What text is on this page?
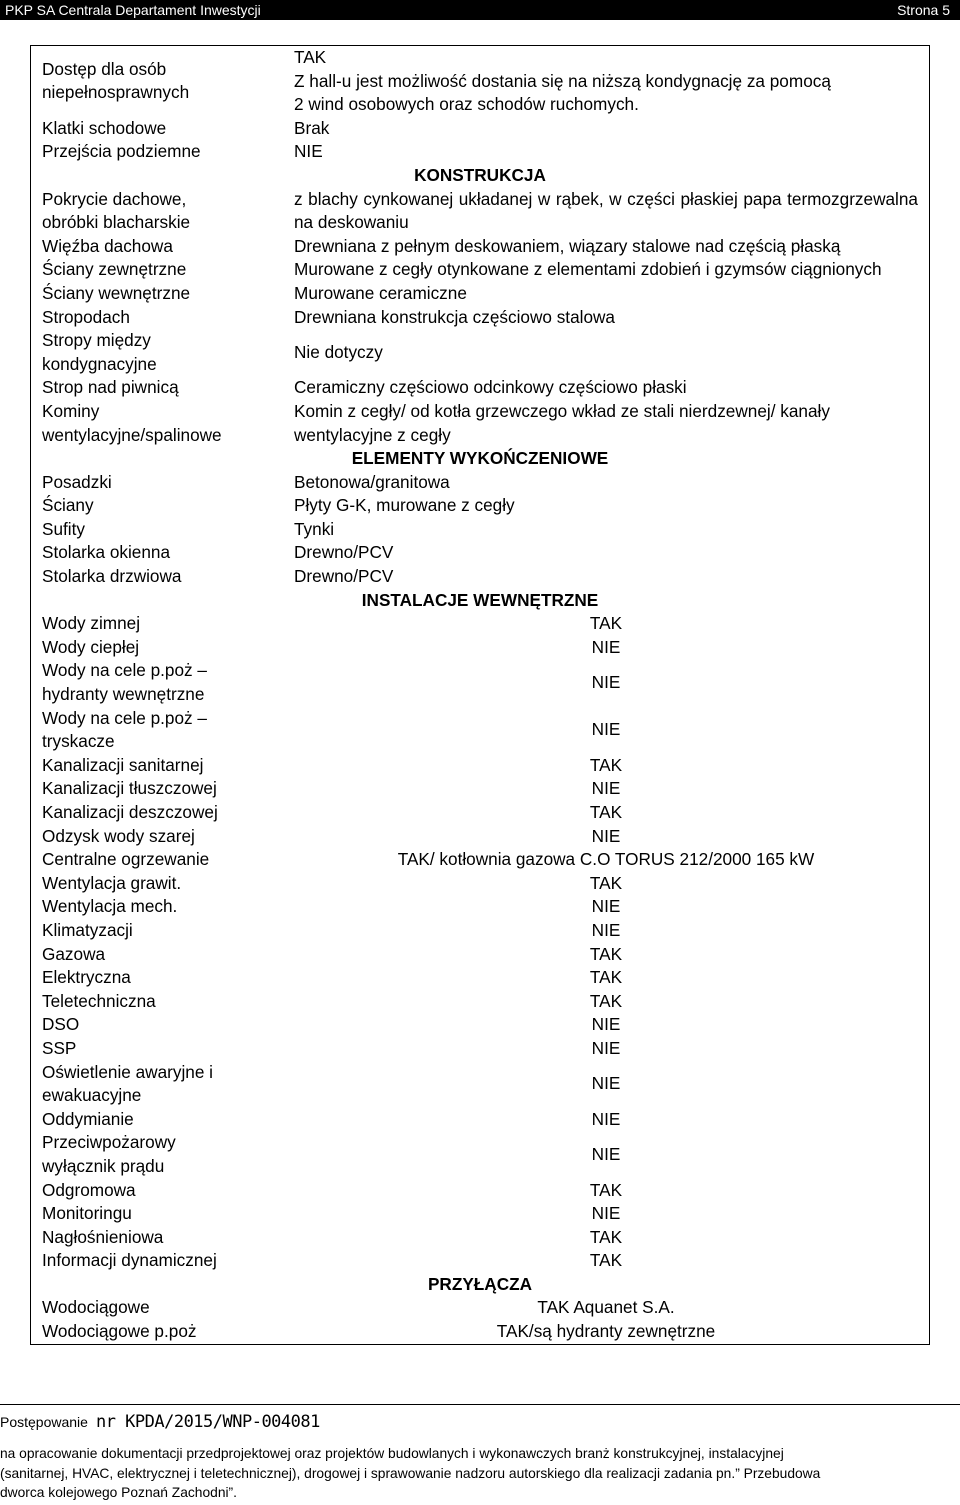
PKP SA Centrala Departament Inwestycji	Strona 5
Dostęp dla osób
niepełnosprawnych	TAK
Z hall-u jest możliwość dostania się na niższą kondygnację za pomocą
2 wind osobowych oraz schodów ruchomych.

Klatki schodowe	Brak

Przejścia podziemne	NIE

KONSTRUKCJA	

Pokrycie dachowe,
obróbki blacharskie	z blachy cynkowanej układanej w rąbek, w części płaskiej papa termozgrzewalna na deskowaniu

Więźba dachowa	Drewniana z pełnym deskowaniem, wiązary stalowe nad częścią płaską

Ściany zewnętrzne	Murowane z cegły otynkowane z elementami zdobień i gzymsów ciągnionych

Ściany wewnętrzne	Murowane ceramiczne

Stropodach	Drewniana konstrukcja częściowo stalowa

Stropy między
kondygnacyjne	Nie dotyczy

Strop nad piwnicą	Ceramiczny częściowo odcinkowy częściowo płaski

Kominy
wentylacyjne/spalinowe	Komin z cegły/ od kotła grzewczego wkład ze stali nierdzewnej/ kanały
wentylacyjne z cegły

ELEMENTY WYKOŃCZENIOWE	

Posadzki	Betonowa/granitowa

Ściany	Płyty G-K, murowane z cegły

Sufity	Tynki

Stolarka okienna	Drewno/PCV

Stolarka drzwiowa	Drewno/PCV

INSTALACJE WEWNĘTRZNE	

Wody zimnej	TAK

Wody ciepłej	NIE

Wody na cele p.poż –
hydranty wewnętrzne	NIE

Wody na cele p.poż –
tryskacze	NIE

Kanalizacji sanitarnej	TAK

Kanalizacji tłuszczowej	NIE

Kanalizacji deszczowej	TAK

Odzysk wody szarej	NIE

Centralne ogrzewanie	TAK/ kotłownia gazowa C.O TORUS 212/2000 165 kW

Wentylacja grawit.	TAK

Wentylacja mech.	NIE

Klimatyzacji	NIE

Gazowa	TAK

Elektryczna	TAK

Teletechniczna	TAK

DSO	NIE

SSP	NIE

Oświetlenie awaryjne i
ewakuacyjne	NIE

Oddymianie	NIE

Przeciwpożarowy
wyłącznik prądu	NIE

Odgromowa	TAK

Monitoringu	NIE

Nagłośnieniowa	TAK

Informacji dynamicznej	TAK

PRZYŁĄCZA	

Wodociągowe	TAK Aquanet S.A.

Wodociągowe p.poż	TAK/są hydranty zewnętrzne
Postępowanie nr KPDA/2015/WNP-004081
na opracowanie dokumentacji przedprojektowej oraz projektów budowlanych i wykonawczych branż konstrukcyjnej, instalacyjnej
(sanitarnej, HVAC, elektrycznej i teletechnicznej), drogowej i sprawowanie nadzoru autorskiego dla realizacji zadania pn.” Przebudowa
dworca kolejowego Poznań Zachodni”.
